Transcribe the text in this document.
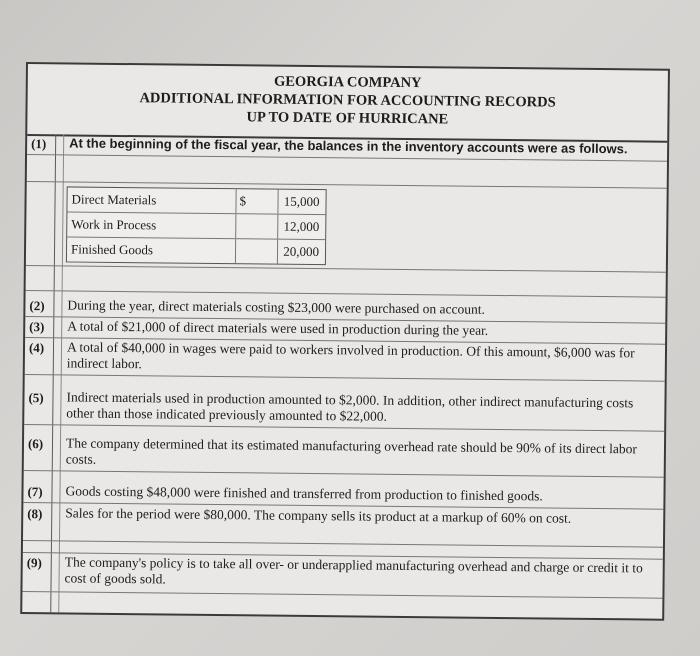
GEORGIA COMPANY
ADDITIONAL INFORMATION FOR ACCOUNTING RECORDS
UP TO DATE OF HURRICANE
(1) At the beginning of the fiscal year, the balances in the inventory accounts were as follows.
Direct Materials	$	15,000
Work in Process	12,000
Finished Goods	20,000
(2) During the year, direct materials costing $23,000 were purchased on account.
(3) A total of $21,000 of direct materials were used in production during the year.
(4) A total of $40,000 in wages were paid to workers involved in production. Of this amount, $6,000 was for indirect labor.
(5) Indirect materials used in production amounted to $2,000. In addition, other indirect manufacturing costs other than those indicated previously amounted to $22,000.
(6) The company determined that its estimated manufacturing overhead rate should be 90% of its direct labor costs.
(7) Goods costing $48,000 were finished and transferred from production to finished goods.
(8) Sales for the period were $80,000. The company sells its product at a markup of 60% on cost.
(9) The company's policy is to take all over- or underapplied manufacturing overhead and charge or credit it to cost of goods sold.
